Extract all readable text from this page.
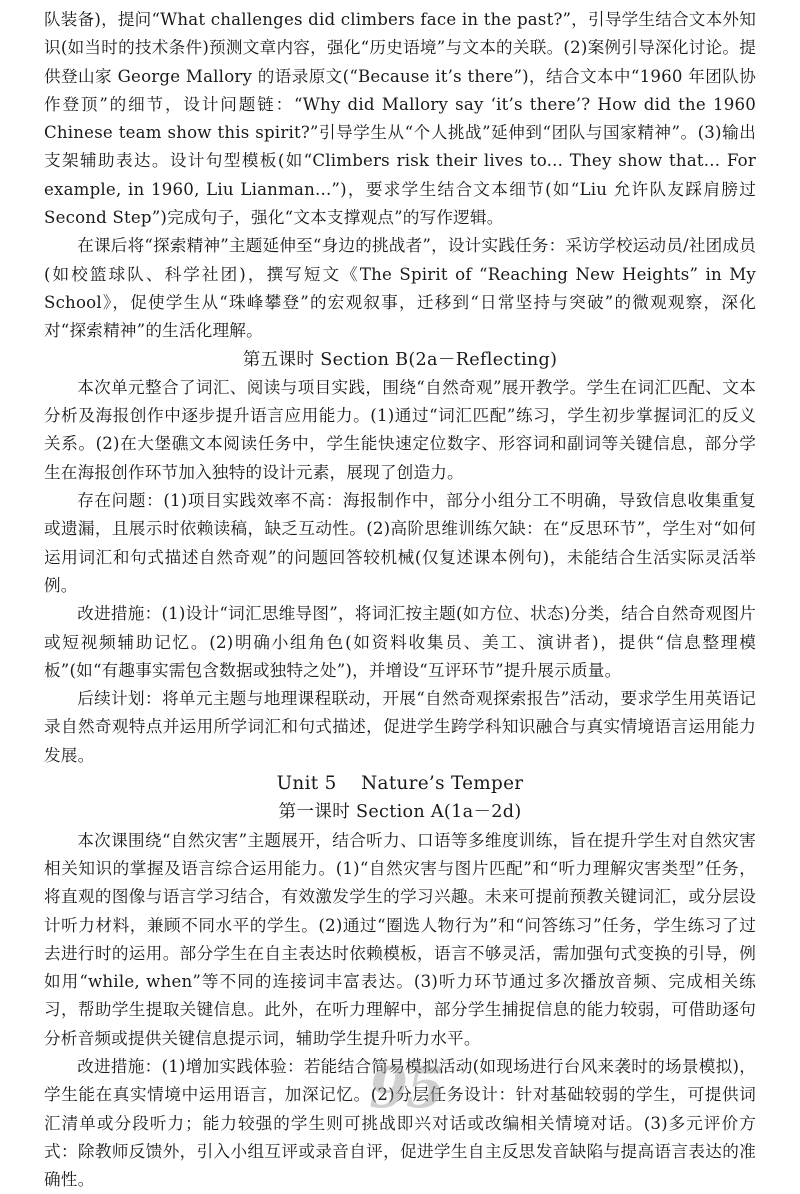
队装备)，提问“What challenges did climbers face in the past?”，引导学生结合文本外知识(如当时的技术条件)预测文章内容，强化“历史语境”与文本的关联。(2)案例引导深化讨论。提供登山家 George Mallory 的语录原文(“Because it’s there”)，结合文本中“1960 年团队协作登顶”的细节，设计问题链：“Why did Mallory say ‘it’s there’? How did the 1960 Chinese team show this spirit?”引导学生从“个人挑战”延伸到“团队与国家精神”。(3)输出支架辅助表达。设计句型模板(如“Climbers risk their lives to... They show that... For example, in 1960, Liu Lianman...”)，要求学生结合文本细节(如“Liu 允许队友踩肩膀过 Second Step”)完成句子，强化“文本支撑观点”的写作逻辑。

在课后将“探索精神”主题延伸至“身边的挑战者”，设计实践任务：采访学校运动员/社团成员(如校篮球队、科学社团)，撰写短文《The Spirit of “Reaching New Heights” in My School》，促使学生从“珠峰攀登”的宏观叙事，迁移到“日常坚持与突破”的微观观察，深化对“探索精神”的生活化理解。

第五课时 Section B(2a－Reflecting)

本次单元整合了词汇、阅读与项目实践，围绕“自然奇观”展开教学。学生在词汇匹配、文本分析及海报创作中逐步提升语言应用能力。(1)通过“词汇匹配”练习，学生初步掌握词汇的反义关系。(2)在大堡礁文本阅读任务中，学生能快速定位数字、形容词和副词等关键信息，部分学生在海报创作环节加入独特的设计元素，展现了创造力。

存在问题：(1)项目实践效率不高：海报制作中，部分小组分工不明确，导致信息收集重复或遗漏，且展示时依赖读稿，缺乏互动性。(2)高阶思维训练欠缺：在“反思环节”，学生对“如何运用词汇和句式描述自然奇观”的问题回答较机械(仅复述课本例句)，未能结合生活实际灵活举例。

改进措施：(1)设计“词汇思维导图”，将词汇按主题(如方位、状态)分类，结合自然奇观图片或短视频辅助记忆。(2)明确小组角色(如资料收集员、美工、演讲者)，提供“信息整理模板”(如“有趣事实需包含数据或独特之处”)，并增设“互评环节”提升展示质量。

后续计划：将单元主题与地理课程联动，开展“自然奇观探索报告”活动，要求学生用英语记录自然奇观特点并运用所学词汇和句式描述，促进学生跨学科知识融合与真实情境语言运用能力发展。

Unit 5    Nature’s Temper
第一课时 Section A(1a－2d)

本次课围绕“自然灾害”主题展开，结合听力、口语等多维度训练，旨在提升学生对自然灾害相关知识的掌握及语言综合运用能力。(1)“自然灾害与图片匹配”和“听力理解灾害类型”任务，将直观的图像与语言学习结合，有效激发学生的学习兴趣。未来可提前预教关键词汇，或分层设计听力材料，兼顾不同水平的学生。(2)通过“圈选人物行为”和“问答练习”任务，学生练习了过去进行时的运用。部分学生在自主表达时依赖模板，语言不够灵活，需加强句式变换的引导，例如用“while, when”等不同的连接词丰富表达。(3)听力环节通过多次播放音频、完成相关练习，帮助学生提取关键信息。此外，在听力理解中，部分学生捕捉信息的能力较弱，可借助逐句分析音频或提供关键信息提示词，辅助学生提升听力水平。

改进措施：(1)增加实践体验：若能结合简易模拟活动(如现场进行台风来袭时的场景模拟)，学生能在真实情境中运用语言，加深记忆。(2)分层任务设计：针对基础较弱的学生，可提供词汇清单或分段听力；能力较强的学生则可挑战即兴对话或改编相关情境对话。(3)多元评价方式：除教师反馈外，引入小组互评或录音自评，促进学生自主反思发音缺陷与提高语言表达的准确性。

95
